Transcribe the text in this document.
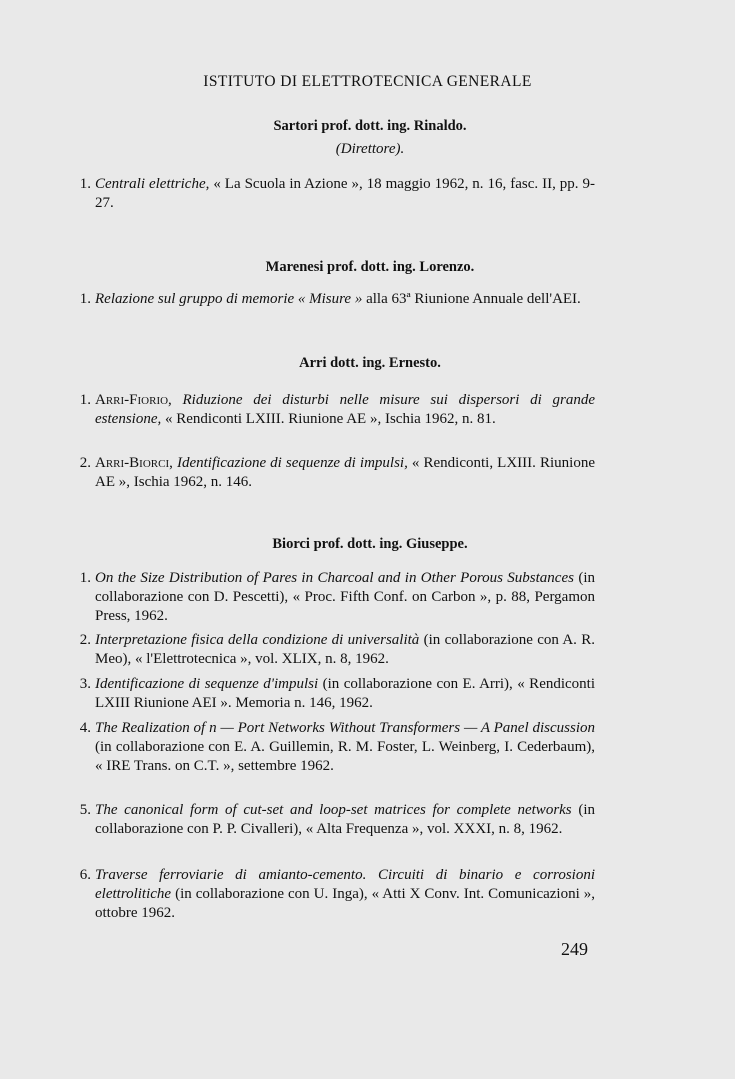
ISTITUTO DI ELETTROTECNICA GENERALE
Sartori prof. dott. ing. Rinaldo.
(Direttore).
1. Centrali elettriche, « La Scuola in Azione », 18 maggio 1962, n. 16, fasc. II, pp. 9-27.
Marenesi prof. dott. ing. Lorenzo.
1. Relazione sul gruppo di memorie « Misure » alla 63ª Riunione Annuale dell'AEI.
Arri dott. ing. Ernesto.
1. Arri-Fiorio, Riduzione dei disturbi nelle misure sui dispersori di grande estensione, « Rendiconti LXIII. Riunione AE », Ischia 1962, n. 81.
2. Arri-Biorci, Identificazione di sequenze di impulsi, « Rendiconti, LXIII. Riunione AE », Ischia 1962, n. 146.
Biorci prof. dott. ing. Giuseppe.
1. On the Size Distribution of Pares in Charcoal and in Other Porous Substances (in collaborazione con D. Pescetti), « Proc. Fifth Conf. on Carbon », p. 88, Pergamon Press, 1962.
2. Interpretazione fisica della condizione di universalità (in collaborazione con A. R. Meo), « l'Elettrotecnica », vol. XLIX, n. 8, 1962.
3. Identificazione di sequenze d'impulsi (in collaborazione con E. Arri), « Rendiconti LXIII Riunione AEI ». Memoria n. 146, 1962.
4. The Realization of n — Port Networks Without Transformers — A Panel discussion (in collaborazione con E. A. Guillemin, R. M. Foster, L. Weinberg, I. Cederbaum), « IRE Trans. on C.T. », settembre 1962.
5. The canonical form of cut-set and loop-set matrices for complete networks (in collaborazione con P. P. Civalleri), « Alta Frequenza », vol. XXXI, n. 8, 1962.
6. Traverse ferroviarie di amianto-cemento. Circuiti di binario e corrosioni elettrolitiche (in collaborazione con U. Inga), « Atti X Conv. Int. Comunicazioni », ottobre 1962.
249
